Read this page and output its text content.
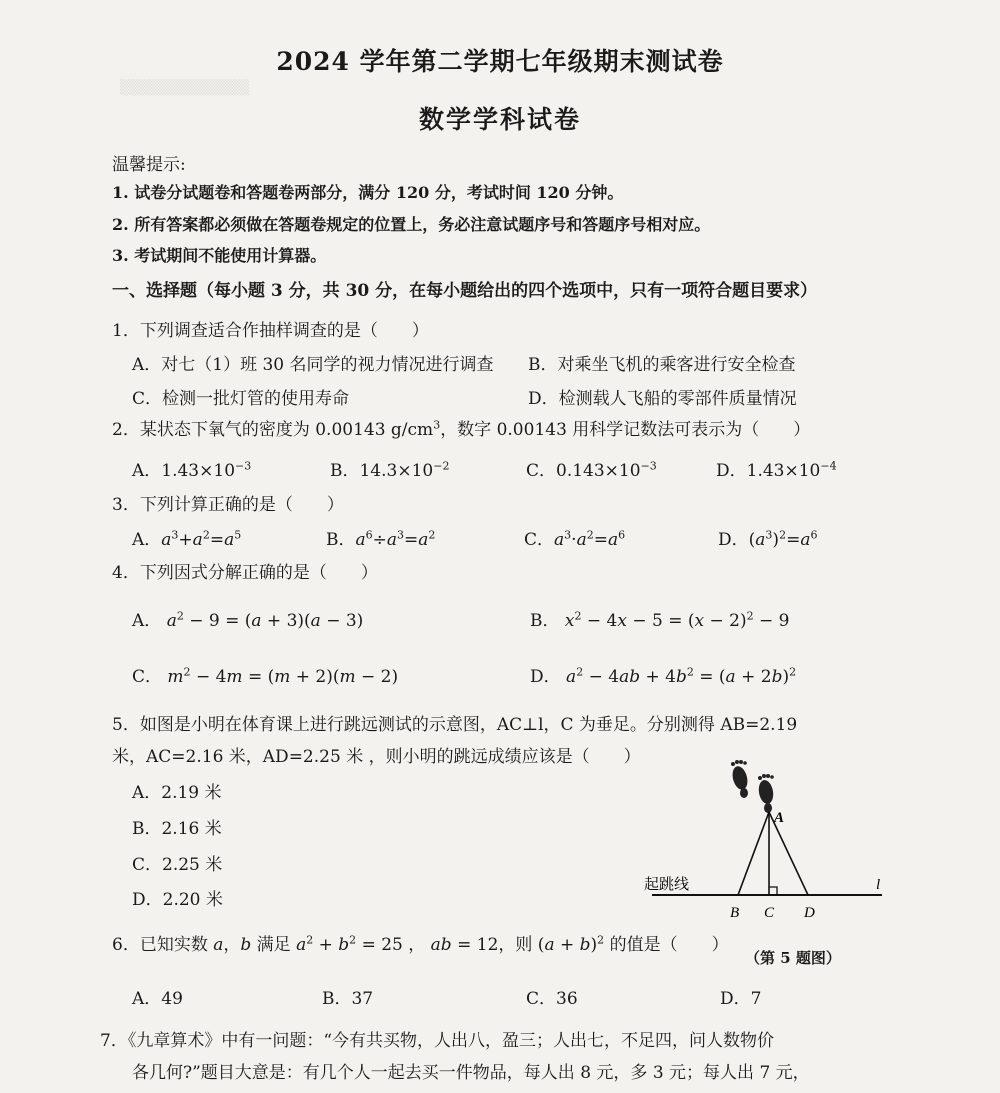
▒▒▒▒▒▒▒▒▒▒▒▒
2024 学年第二学期七年级期末测试卷
数学学科试卷
温馨提示:
1. 试卷分试题卷和答题卷两部分，满分 120 分，考试时间 120 分钟。
2. 所有答案都必须做在答题卷规定的位置上，务必注意试题序号和答题序号相对应。
3. 考试期间不能使用计算器。
一、选择题（每小题 3 分，共 30 分，在每小题给出的四个选项中，只有一项符合题目要求）
1．下列调查适合作抽样调查的是（　　）
A．对七（1）班 30 名同学的视力情况进行调查 B．对乘坐飞机的乘客进行安全检查
C．检测一批灯管的使用寿命	D．检测载人飞船的零部件质量情况
2．某状态下氧气的密度为 0.00143 $g/cm^3$，数字 0.00143 用科学记数法可表示为（　　）
A．$1.43\times 10^{-3}$	B．$14.3\times 10^{-2}$	C．$0.143\times 10^{-3}$	D．$1.43\times 10^{-4}$
3．下列计算正确的是（　　）
A．$a^3+a^2=a^5$	B．$a^6\div a^3=a^2$	C．$a^3\cdot a^2=a^6$	D．$(a^3)^2=a^6$
4．下列因式分解正确的是（　　）
A． $a^2 - 9 = (a + 3)(a - 3)$	B． $x^2 - 4x - 5 = (x - 2)^2 - 9$
C． $m^2 - 4m = (m + 2)(m - 2)$	D． $a^2 - 4ab + 4b^2 = (a + 2b)^2$
5．如图是小明在体育课上进行跳远测试的示意图，AC⊥l，C 为垂足。分别测得 AB=2.19
米，AC=2.16 米，AD=2.25 米 ，则小明的跳远成绩应该是（　　）
A．2.19 米
B．2.16 米
C．2.25 米
D．2.20 米
A
B C D
起跳线	l
（第 5 题图）
6．已知实数 a，b 满足 $a^2 + b^2 = 25$ ， ab = 12，则 $(a + b)^2$ 的值是（　　）
A．49	B．37	C．36	D．7
7．《九章算术》中有一问题：“今有共买物，人出八，盈三；人出七，不足四，问人数物价
各几何?”题目大意是：有几个人一起去买一件物品，每人出 8 元，多 3 元；每人出 7 元，
